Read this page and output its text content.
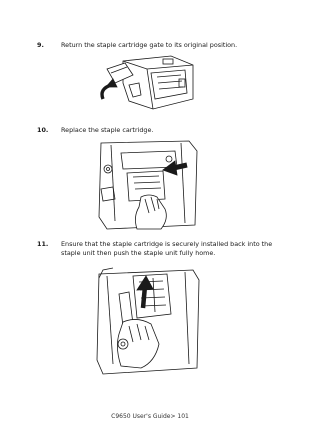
9.	Return the staple cartridge gate to its original position.
10. Replace the staple cartridge.
11. Ensure that the staple cartridge is securely installed back into the staple unit then push the staple unit fully home.
C9650 User's Guide> 101
